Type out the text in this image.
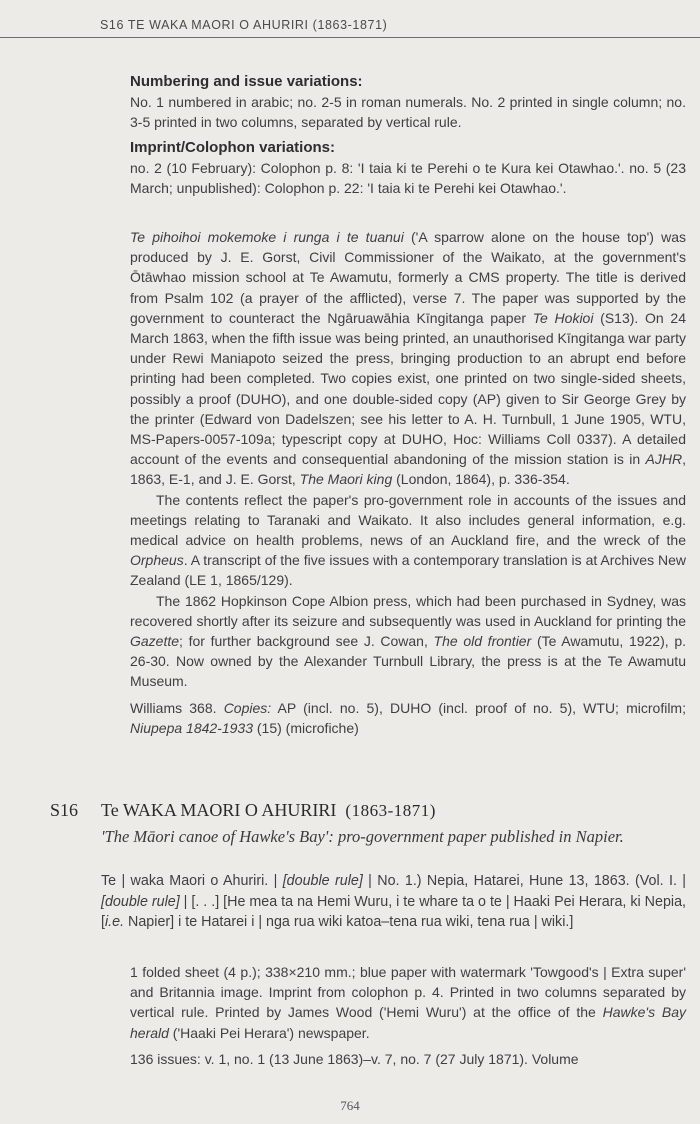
S16 TE WAKA MAORI O AHURIRI (1863-1871)

Numbering and issue variations:

No. 1 numbered in arabic; no. 2-5 in roman numerals. No. 2 printed in single column; no. 3-5 printed in two columns, separated by vertical rule.

Imprint/Colophon variations:

no. 2 (10 February): Colophon p. 8: 'I taia ki te Perehi o te Kura kei Otawhao.'. no. 5 (23 March; unpublished): Colophon p. 22: 'I taia ki te Perehi kei Otawhao.'.

Te pihoihoi mokemoke i runga i te tuanui ('A sparrow alone on the house top') was produced by J. E. Gorst, Civil Commissioner of the Waikato, at the government's Ōtāwhao mission school at Te Awamutu, formerly a CMS property. The title is derived from Psalm 102 (a prayer of the afflicted), verse 7. The paper was supported by the government to counteract the Ngāruawāhia Kīngitanga paper Te Hokioi (S13). On 24 March 1863, when the fifth issue was being printed, an unauthorised Kīngitanga war party under Rewi Maniapoto seized the press, bringing production to an abrupt end before printing had been completed. Two copies exist, one printed on two single-sided sheets, possibly a proof (DUHO), and one double-sided copy (AP) given to Sir George Grey by the printer (Edward von Dadelszen; see his letter to A. H. Turnbull, 1 June 1905, WTU, MS-Papers-0057-109a; typescript copy at DUHO, Hoc: Williams Coll 0337). A detailed account of the events and consequential abandoning of the mission station is in AJHR, 1863, E-1, and J. E. Gorst, The Maori king (London, 1864), p. 336-354.

The contents reflect the paper's pro-government role in accounts of the issues and meetings relating to Taranaki and Waikato. It also includes general information, e.g. medical advice on health problems, news of an Auckland fire, and the wreck of the Orpheus. A transcript of the five issues with a contemporary translation is at Archives New Zealand (LE 1, 1865/129).

The 1862 Hopkinson Cope Albion press, which had been purchased in Sydney, was recovered shortly after its seizure and subsequently was used in Auckland for printing the Gazette; for further background see J. Cowan, The old frontier (Te Awamutu, 1922), p. 26-30. Now owned by the Alexander Turnbull Library, the press is at the Te Awamutu Museum.

Williams 368. Copies: AP (incl. no. 5), DUHO (incl. proof of no. 5), WTU; microfilm; Niupepa 1842-1933 (15) (microfiche)

S16 Te WAKA MAORI O AHURIRI (1863-1871)
'The Māori canoe of Hawke's Bay': pro-government paper published in Napier.
Te | waka Maori o Ahuriri. | [double rule] | No. 1.) Nepia, Hatarei, Hune 13, 1863. (Vol. I. | [double rule] | [. . .] [He mea ta na Hemi Wuru, i te whare ta o te | Haaki Pei Herara, ki Nepia, [i.e. Napier] i te Hatarei i | nga rua wiki katoa–tena rua wiki, tena rua | wiki.]

1 folded sheet (4 p.); 338×210 mm.; blue paper with watermark 'Towgood's | Extra super' and Britannia image. Imprint from colophon p. 4. Printed in two columns separated by vertical rule. Printed by James Wood ('Hemi Wuru') at the office of the Hawke's Bay herald ('Haaki Pei Herara') newspaper.

136 issues: v. 1, no. 1 (13 June 1863)–v. 7, no. 7 (27 July 1871). Volume

764
